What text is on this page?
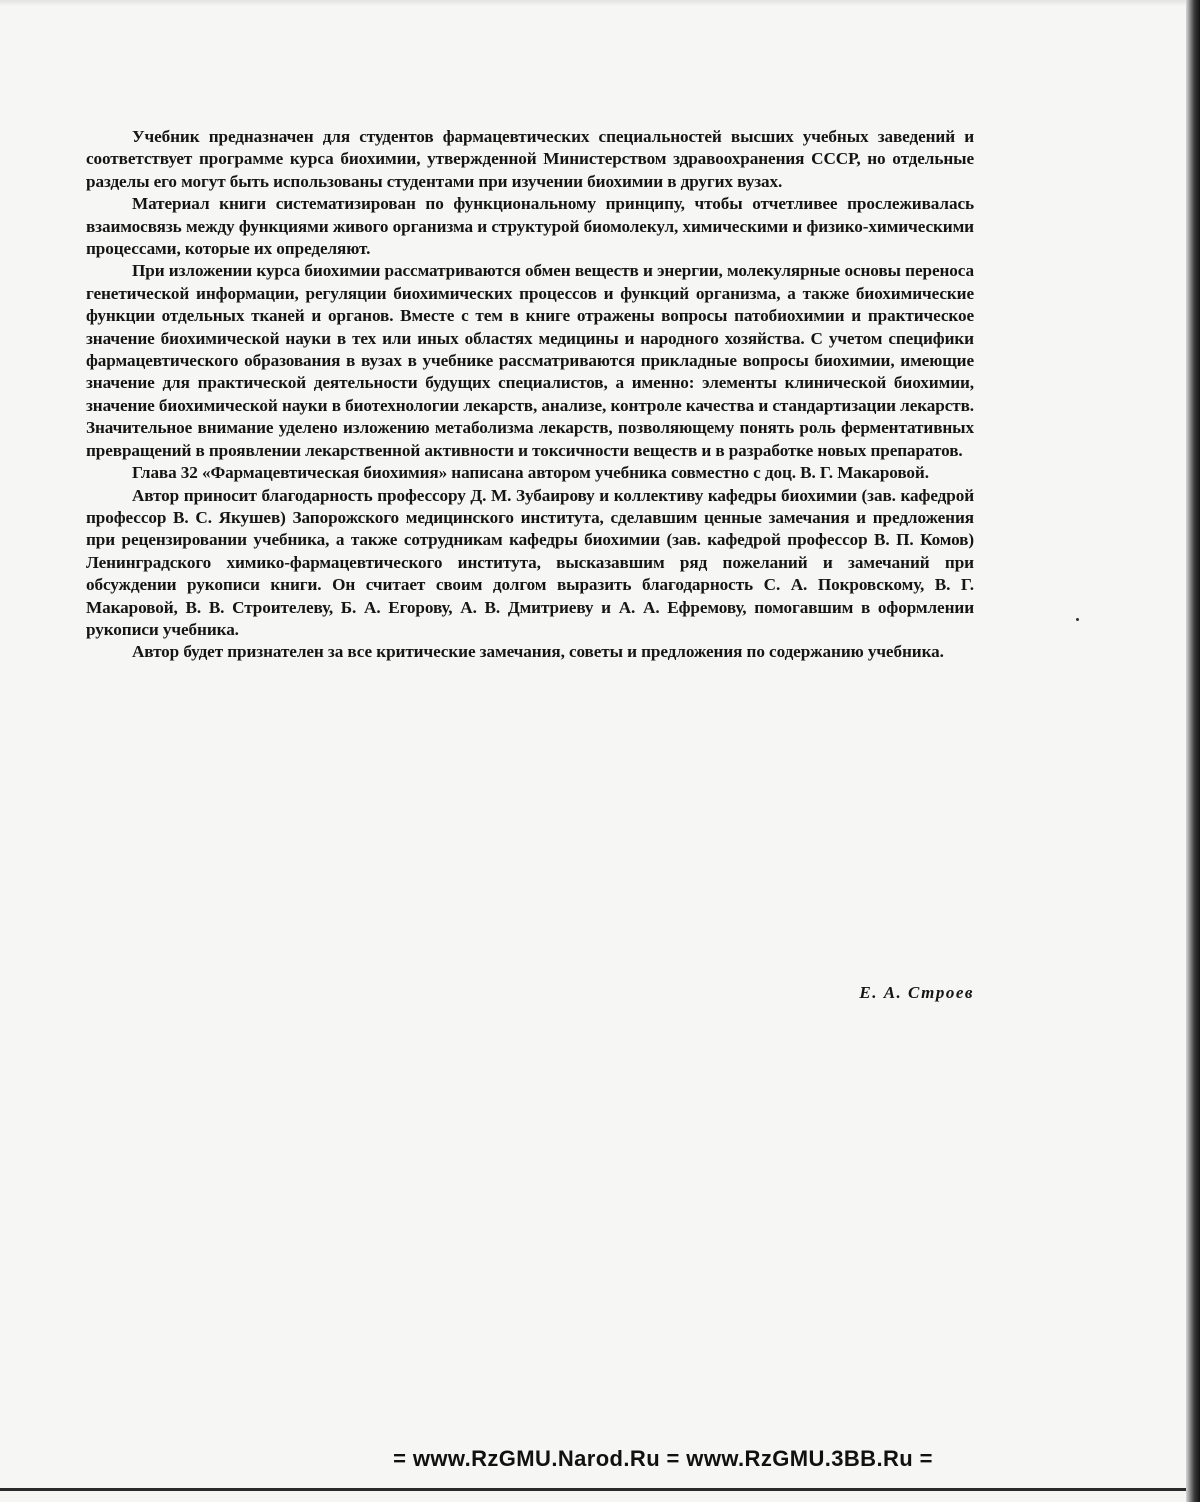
Учебник предназначен для студентов фармацевтических специальностей высших учебных заведений и соответствует программе курса биохимии, утвержденной Министерством здравоохранения СССР, но отдельные разделы его могут быть использованы студентами при изучении биохимии в других вузах.

Материал книги систематизирован по функциональному принципу, чтобы отчетливее прослеживалась взаимосвязь между функциями живого организма и структурой биомолекул, химическими и физико-химическими процессами, которые их определяют.

При изложении курса биохимии рассматриваются обмен веществ и энергии, молекулярные основы переноса генетической информации, регуляции биохимических процессов и функций организма, а также биохимические функции отдельных тканей и органов. Вместе с тем в книге отражены вопросы патобиохимии и практическое значение биохимической науки в тех или иных областях медицины и народного хозяйства. С учетом специфики фармацевтического образования в вузах в учебнике рассматриваются прикладные вопросы биохимии, имеющие значение для практической деятельности будущих специалистов, а именно: элементы клинической биохимии, значение биохимической науки в биотехнологии лекарств, анализе, контроле качества и стандартизации лекарств. Значительное внимание уделено изложению метаболизма лекарств, позволяющему понять роль ферментативных превращений в проявлении лекарственной активности и токсичности веществ и в разработке новых препаратов.

Глава 32 «Фармацевтическая биохимия» написана автором учебника совместно с доц. В. Г. Макаровой.

Автор приносит благодарность профессору Д. М. Зубаирову и коллективу кафедры биохимии (зав. кафедрой профессор В. С. Якушев) Запорожского медицинского института, сделавшим ценные замечания и предложения при рецензировании учебника, а также сотрудникам кафедры биохимии (зав. кафедрой профессор В. П. Комов) Ленинградского химико-фармацевтического института, высказавшим ряд пожеланий и замечаний при обсуждении рукописи книги. Он считает своим долгом выразить благодарность С. А. Покровскому, В. Г. Макаровой, В. В. Строителеву, Б. А. Егорову, А. В. Дмитриеву и А. А. Ефремову, помогавшим в оформлении рукописи учебника.

Автор будет признателен за все критические замечания, советы и предложения по содержанию учебника.

Е. А. Строев
= www.RzGMU.Narod.Ru = www.RzGMU.3BB.Ru =
